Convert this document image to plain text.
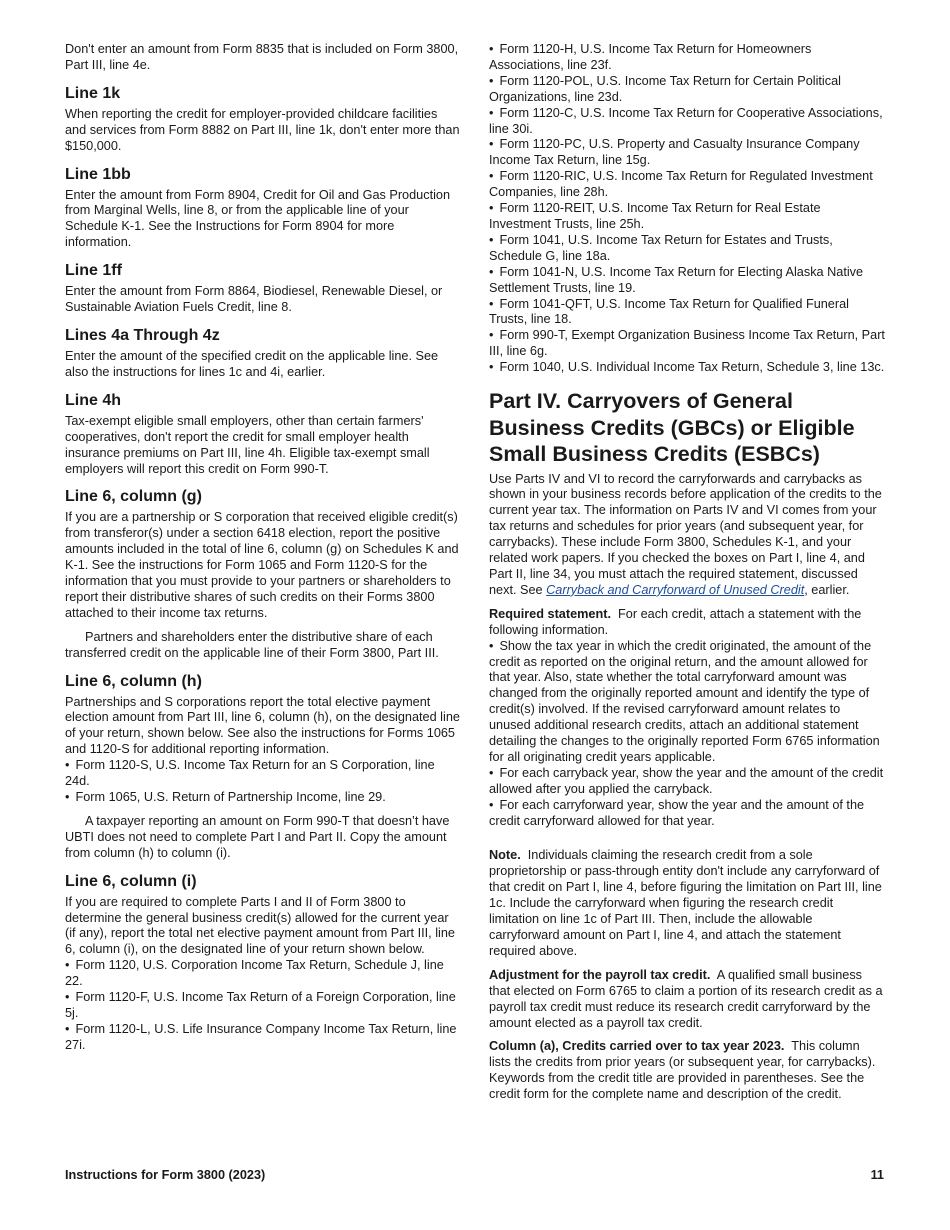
Don't enter an amount from Form 8835 that is included on Form 3800, Part III, line 4e.

Line 1k

When reporting the credit for employer-provided childcare facilities and services from Form 8882 on Part III, line 1k, don't enter more than $150,000.

Line 1bb

Enter the amount from Form 8904, Credit for Oil and Gas Production from Marginal Wells, line 8, or from the applicable line of your Schedule K-1. See the Instructions for Form 8904 for more information.

Line 1ff

Enter the amount from Form 8864, Biodiesel, Renewable Diesel, or Sustainable Aviation Fuels Credit, line 8.

Lines 4a Through 4z

Enter the amount of the specified credit on the applicable line. See also the instructions for lines 1c and 4i, earlier.

Line 4h

Tax-exempt eligible small employers, other than certain farmers' cooperatives, don't report the credit for small employer health insurance premiums on Part III, line 4h. Eligible tax-exempt small employers will report this credit on Form 990-T.

Line 6, column (g)

If you are a partnership or S corporation that received eligible credit(s) from transferor(s) under a section 6418 election, report the positive amounts included in the total of line 6, column (g) on Schedules K and K-1. See the instructions for Form 1065 and Form 1120-S for the information that you must provide to your partners or shareholders to report their distributive shares of such credits on their Forms 3800 attached to their income tax returns.

Partners and shareholders enter the distributive share of each transferred credit on the applicable line of their Form 3800, Part III.

Line 6, column (h)

Partnerships and S corporations report the total elective payment election amount from Part III, line 6, column (h), on the designated line of your return, shown below. See also the instructions for Forms 1065 and 1120-S for additional reporting information.

• Form 1120-S, U.S. Income Tax Return for an S Corporation, line 24d.
• Form 1065, U.S. Return of Partnership Income, line 29.

A taxpayer reporting an amount on Form 990-T that doesn’t have UBTI does not need to complete Part I and Part II. Copy the amount from column (h) to column (i).

Line 6, column (i)

If you are required to complete Parts I and II of Form 3800 to determine the general business credit(s) allowed for the current year (if any), report the total net elective payment amount from Part III, line 6, column (i), on the designated line of your return shown below.

• Form 1120, U.S. Corporation Income Tax Return, Schedule J, line 22.
• Form 1120-F, U.S. Income Tax Return of a Foreign Corporation, line 5j.
• Form 1120-L, U.S. Life Insurance Company Income Tax Return, line 27i.
• Form 1120-H, U.S. Income Tax Return for Homeowners Associations, line 23f.
• Form 1120-POL, U.S. Income Tax Return for Certain Political Organizations, line 23d.
• Form 1120-C, U.S. Income Tax Return for Cooperative Associations, line 30i.
• Form 1120-PC, U.S. Property and Casualty Insurance Company Income Tax Return, line 15g.
• Form 1120-RIC, U.S. Income Tax Return for Regulated Investment Companies, line 28h.
• Form 1120-REIT, U.S. Income Tax Return for Real Estate Investment Trusts, line 25h.
• Form 1041, U.S. Income Tax Return for Estates and Trusts, Schedule G, line 18a.
• Form 1041-N, U.S. Income Tax Return for Electing Alaska Native Settlement Trusts, line 19.
• Form 1041-QFT, U.S. Income Tax Return for Qualified Funeral Trusts, line 18.
• Form 990-T, Exempt Organization Business Income Tax Return, Part III, line 6g.
• Form 1040, U.S. Individual Income Tax Return, Schedule 3, line 13c.
Part IV. Carryovers of General Business Credits (GBCs) or Eligible Small Business Credits (ESBCs)

Use Parts IV and VI to record the carryforwards and carrybacks as shown in your business records before application of the credits to the current year tax. The information on Parts IV and VI comes from your tax returns and schedules for prior years (and subsequent year, for carrybacks). These include Form 3800, Schedules K-1, and your related work papers. If you checked the boxes on Part I, line 4, and Part II, line 34, you must attach the required statement, discussed next. See Carryback and Carryforward of Unused Credit, earlier.

Required statement. For each credit, attach a statement with the following information.

• Show the tax year in which the credit originated, the amount of the credit as reported on the original return, and the amount allowed for that year. Also, state whether the total carryforward amount was changed from the originally reported amount and identify the type of credit(s) involved. If the revised carryforward amount relates to unused additional research credits, attach an additional statement detailing the changes to the originally reported Form 6765 information for all originating credit years applicable.
• For each carryback year, show the year and the amount of the credit allowed after you applied the carryback.
• For each carryforward year, show the year and the amount of the credit carryforward allowed for that year.

Note. Individuals claiming the research credit from a sole proprietorship or pass-through entity don't include any carryforward of that credit on Part I, line 4, before figuring the limitation on Part III, line 1c. Include the carryforward when figuring the research credit limitation on line 1c of Part III. Then, include the allowable carryforward amount on Part I, line 4, and attach the statement required above.

Adjustment for the payroll tax credit. A qualified small business that elected on Form 6765 to claim a portion of its research credit as a payroll tax credit must reduce its research credit carryforward by the amount elected as a payroll tax credit.

Column (a), Credits carried over to tax year 2023. This column lists the credits from prior years (or subsequent year, for carrybacks). Keywords from the credit title are provided in parentheses. See the credit form for the complete name and description of the credit.

Instructions for Form 3800 (2023)	11
